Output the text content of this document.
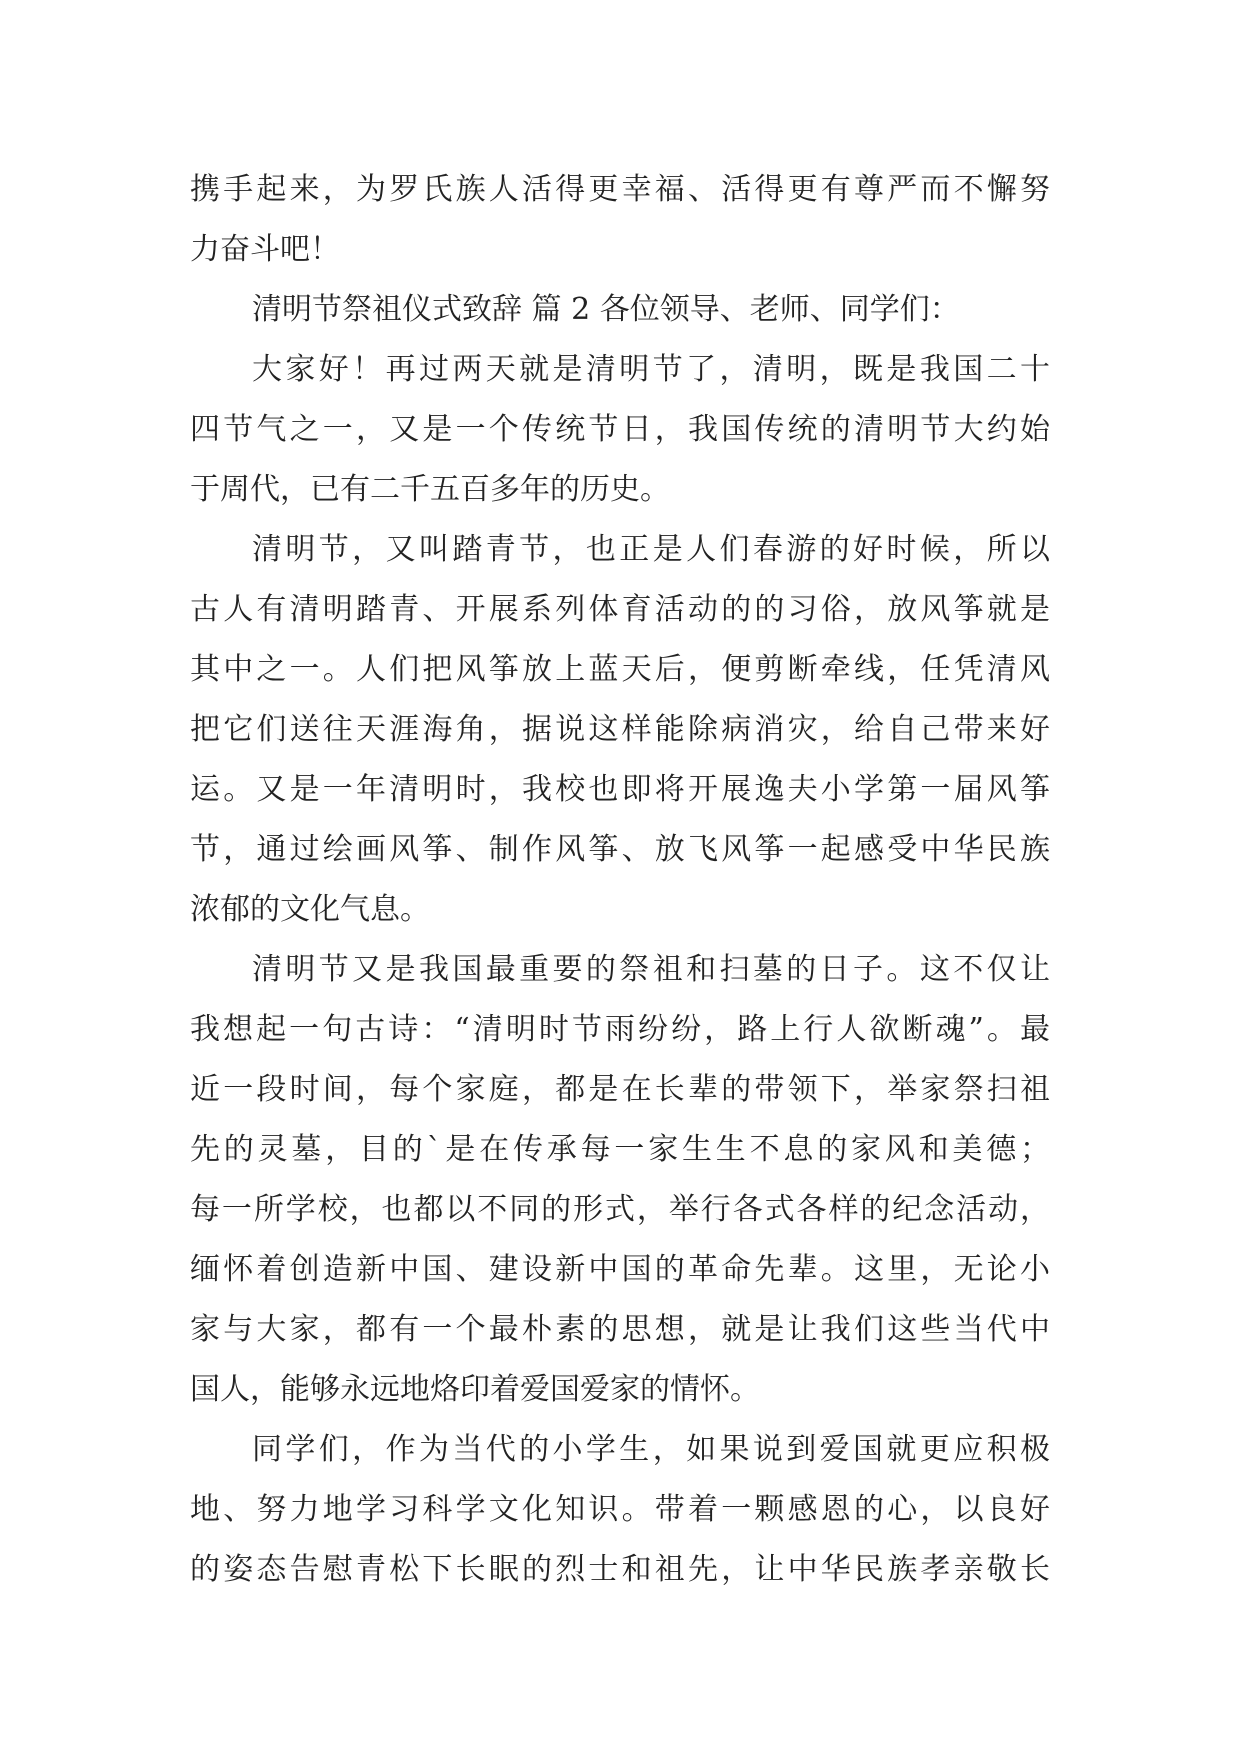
携手起来，为罗氏族人活得更幸福、活得更有尊严而不懈努
力奋斗吧！
清明节祭祖仪式致辞 篇 2 各位领导、老师、同学们：
大家好！再过两天就是清明节了，清明，既是我国二十
四节气之一，又是一个传统节日，我国传统的清明节大约始
于周代，已有二千五百多年的历史。
清明节，又叫踏青节，也正是人们春游的好时候，所以
古人有清明踏青、开展系列体育活动的的习俗，放风筝就是
其中之一。人们把风筝放上蓝天后，便剪断牵线，任凭清风
把它们送往天涯海角，据说这样能除病消灾，给自己带来好
运。又是一年清明时，我校也即将开展逸夫小学第一届风筝
节，通过绘画风筝、制作风筝、放飞风筝一起感受中华民族
浓郁的文化气息。
清明节又是我国最重要的祭祖和扫墓的日子。这不仅让
我想起一句古诗：“清明时节雨纷纷，路上行人欲断魂”。最
近一段时间，每个家庭，都是在长辈的带领下，举家祭扫祖
先的灵墓，目的`是在传承每一家生生不息的家风和美德；
每一所学校，也都以不同的形式，举行各式各样的纪念活动，
缅怀着创造新中国、建设新中国的革命先辈。这里，无论小
家与大家，都有一个最朴素的思想，就是让我们这些当代中
国人，能够永远地烙印着爱国爱家的情怀。
同学们，作为当代的小学生，如果说到爱国就更应积极
地、努力地学习科学文化知识。带着一颗感恩的心，以良好
的姿态告慰青松下长眠的烈士和祖先，让中华民族孝亲敬长
